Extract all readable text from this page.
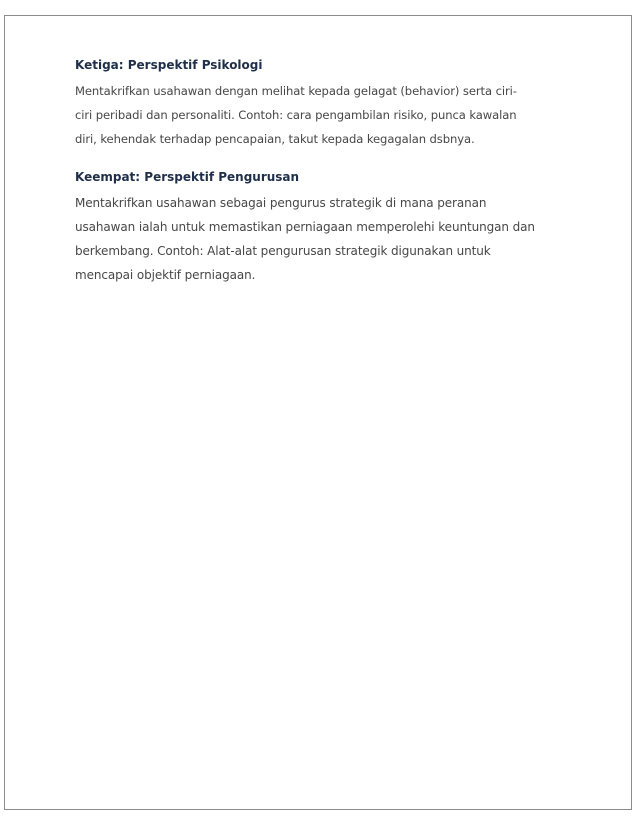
Ketiga: Perspektif Psikologi
Mentakrifkan usahawan dengan melihat kepada gelagat (behavior) serta ciri-
ciri peribadi dan personaliti. Contoh: cara pengambilan risiko, punca kawalan
diri, kehendak terhadap pencapaian, takut kepada kegagalan dsbnya.
Keempat: Perspektif Pengurusan
Mentakrifkan usahawan sebagai pengurus strategik di mana peranan
usahawan ialah untuk memastikan perniagaan memperolehi keuntungan dan
berkembang. Contoh: Alat-alat pengurusan strategik digunakan untuk
mencapai objektif perniagaan.
